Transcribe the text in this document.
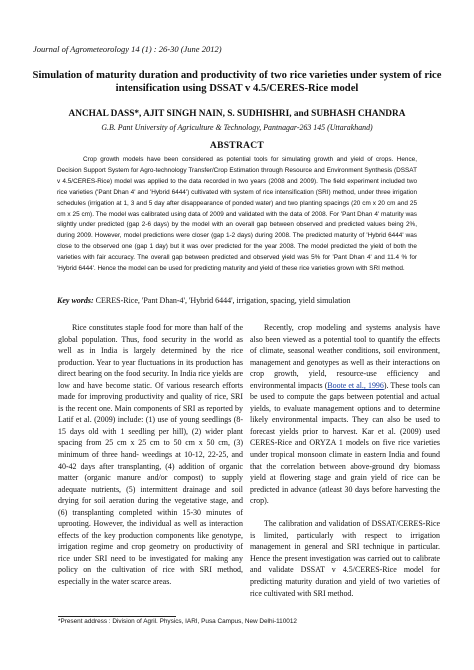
Journal of Agrometeorology 14 (1) : 26-30 (June 2012)
Simulation of maturity duration and productivity of two rice varieties under system of rice intensification using DSSAT v 4.5/CERES-Rice model
ANCHAL DASS*, AJIT SINGH NAIN, S. SUDHISHRI, and SUBHASH CHANDRA
G.B. Pant University of Agriculture & Technology, Pantnagar-263 145 (Uttarakhand)
ABSTRACT
Crop growth models have been considered as potential tools for simulating growth and yield of crops. Hence, Decision Support System for Agro-technology Transfer/Crop Estimation through Resource and Environment Synthesis (DSSAT v 4.5/CERES-Rice) model was applied to the data recorded in two years (2008 and 2009). The field experiment included two rice varieties ('Pant Dhan 4' and 'Hybrid 6444') cultivated with system of rice intensification (SRI) method, under three irrigation schedules (irrigation at 1, 3 and 5 day after disappearance of ponded water) and two planting spacings (20 cm x 20 cm and 25 cm x 25 cm). The model was calibrated using data of 2009 and validated with the data of 2008. For 'Pant Dhan 4' maturity was slightly under predicted (gap 2-6 days) by the model with an overall gap between observed and predicted values being 2%, during 2009. However, model predictions were closer (gap 1-2 days) during 2008. The predicted maturity of 'Hybrid 6444' was close to the observed one (gap 1 day) but it was over predicted for the year 2008. The model predicted the yield of both the varieties with fair accuracy. The overall gap between predicted and observed yield was 5% for 'Pant Dhan 4' and 11.4 % for 'Hybrid 6444'. Hence the model can be used for predicting maturity and yield of these rice varieties grown with SRI method.
Key words: CERES-Rice, 'Pant Dhan-4', 'Hybrid 6444', irrigation, spacing, yield simulation

Rice constitutes staple food for more than half of the global population. Thus, food security in the world as well as in India is largely determined by the rice production. Year to year fluctuations in its production has direct bearing on the food security. In India rice yields are low and have become static. Of various research efforts made for improving productivity and quality of rice, SRI is the recent one. Main components of SRI as reported by Latif et al. (2009) include: (1) use of young seedlings (8-15 days old with 1 seedling per hill), (2) wider plant spacing from 25 cm x 25 cm to 50 cm x 50 cm, (3) minimum of three hand- weedings at 10-12, 22-25, and 40-42 days after transplanting, (4) addition of organic matter (organic manure and/or compost) to supply adequate nutrients, (5) intermittent drainage and soil drying for soil aeration during the vegetative stage, and (6) transplanting completed within 15-30 minutes of uprooting. However, the individual as well as interaction effects of the key production components like genotype, irrigation regime and crop geometry on productivity of rice under SRI need to be investigated for making any policy on the cultivation of rice with SRI method, especially in the water scarce areas.

Recently, crop modeling and systems analysis have also been viewed as a potential tool to quantify the effects of climate, seasonal weather conditions, soil environment, management and genotypes as well as their interactions on crop growth, yield, resource-use efficiency and environmental impacts (Boote et al., 1996). These tools can be used to compute the gaps between potential and actual yields, to evaluate management options and to determine likely environmental impacts. They can also be used to forecast yields prior to harvest. Kar et al. (2009) used CERES-Rice and ORYZA 1 models on five rice varieties under tropical monsoon climate in eastern India and found that the correlation between above-ground dry biomass yield at flowering stage and grain yield of rice can be predicted in advance (atleast 30 days before harvesting the crop).

The calibration and validation of DSSAT/CERES-Rice is limited, particularly with respect to irrigation management in general and SRI technique in particular. Hence the present investigation was carried out to calibrate and validate DSSAT v 4.5/CERES-Rice model for predicting maturity duration and yield of two varieties of rice cultivated with SRI method.

*Present address : Division of Agril. Physics, IARI, Pusa Campus, New Delhi-110012
